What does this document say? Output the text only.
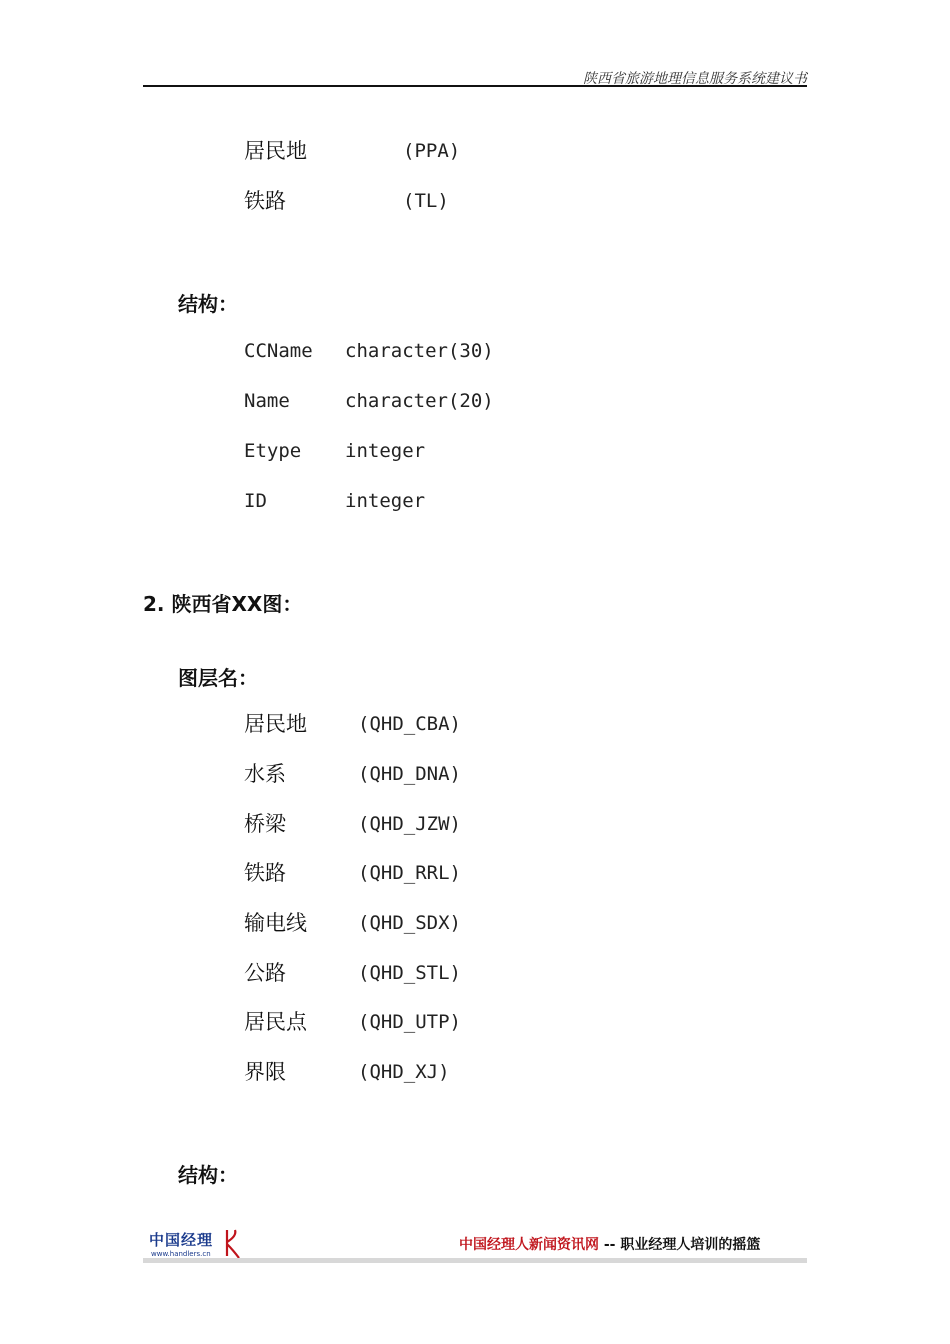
陕西省旅游地理信息服务系统建议书
居民地	(PPA)
铁路	(TL)
结构：
CCName character(30)
Name	character(20)
Etype integer
ID	integer
2. 陕西省XX图：
图层名：
居民地	(QHD_CBA)
水系	(QHD_DNA)
桥梁	(QHD_JZW)
铁路	(QHD_RRL)
输电线	(QHD_SDX)
公路	(QHD_STL)
居民点	(QHD_UTP)
界限	(QHD_XJ)
结构：
中国经理
www.handlers.cn
中国经理人新闻资讯网 -- 职业经理人培训的摇篮
